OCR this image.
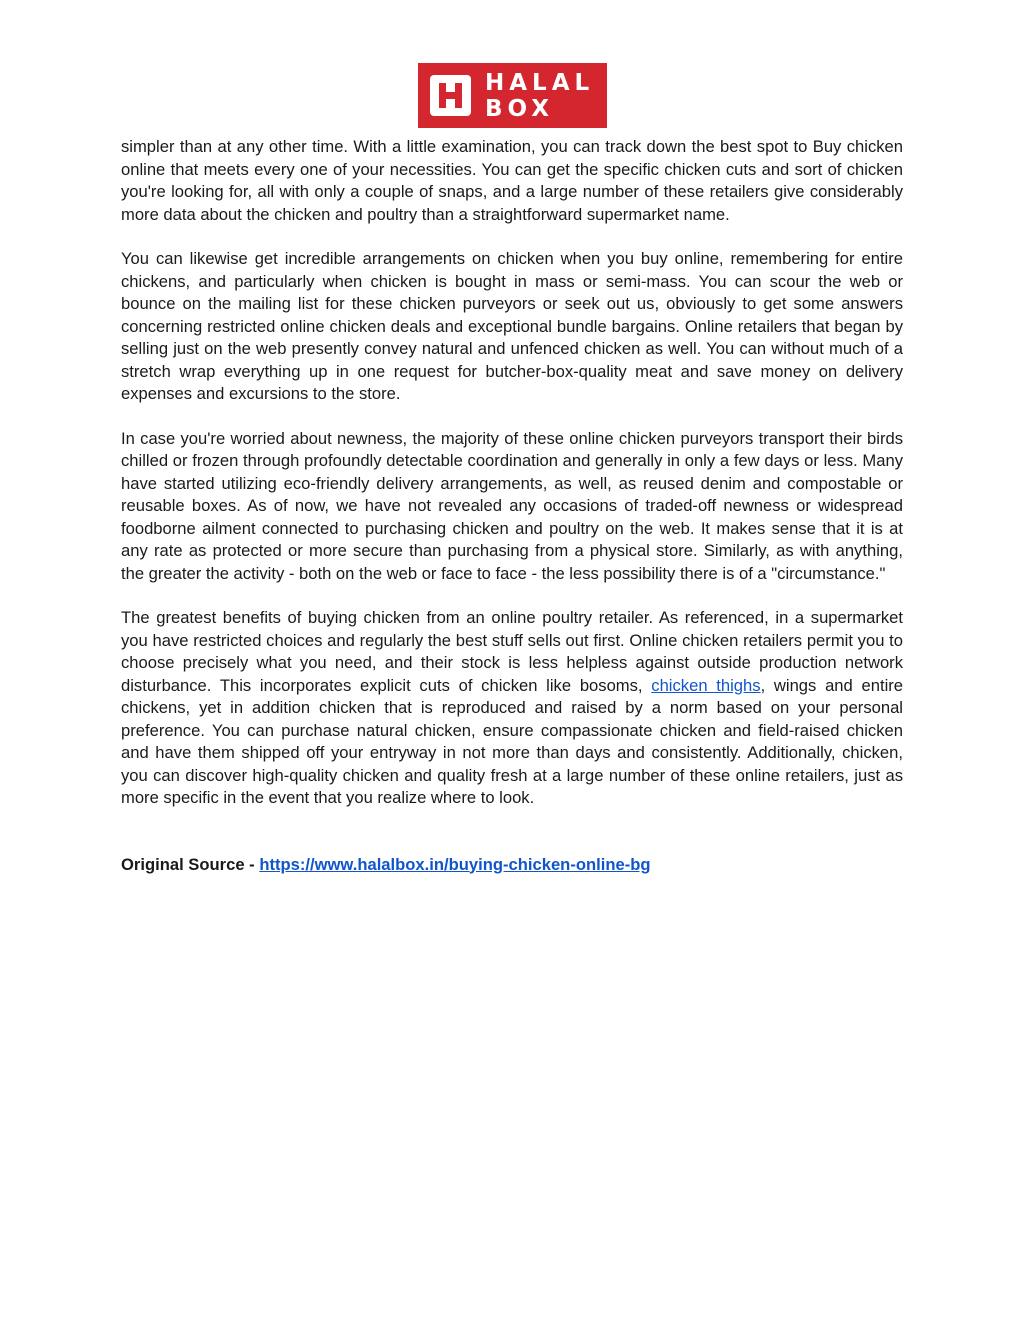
HALAL
BOX

simpler than at any other time. With a little examination, you can track down the best spot to Buy chicken online that meets every one of your necessities. You can get the specific chicken cuts and sort of chicken you're looking for, all with only a couple of snaps, and a large number of these retailers give considerably more data about the chicken and poultry than a straightforward supermarket name.

You can likewise get incredible arrangements on chicken when you buy online, remembering for entire chickens, and particularly when chicken is bought in mass or semi-mass. You can scour the web or bounce on the mailing list for these chicken purveyors or seek out us, obviously to get some answers concerning restricted online chicken deals and exceptional bundle bargains. Online retailers that began by selling just on the web presently convey natural and unfenced chicken as well. You can without much of a stretch wrap everything up in one request for butcher-box-quality meat and save money on delivery expenses and excursions to the store.

In case you're worried about newness, the majority of these online chicken purveyors transport their birds chilled or frozen through profoundly detectable coordination and generally in only a few days or less. Many have started utilizing eco-friendly delivery arrangements, as well, as reused denim and compostable or reusable boxes. As of now, we have not revealed any occasions of traded-off newness or widespread foodborne ailment connected to purchasing chicken and poultry on the web. It makes sense that it is at any rate as protected or more secure than purchasing from a physical store. Similarly, as with anything, the greater the activity - both on the web or face to face - the less possibility there is of a "circumstance."

The greatest benefits of buying chicken from an online poultry retailer. As referenced, in a supermarket you have restricted choices and regularly the best stuff sells out first. Online chicken retailers permit you to choose precisely what you need, and their stock is less helpless against outside production network disturbance. This incorporates explicit cuts of chicken like bosoms, chicken thighs, wings and entire chickens, yet in addition chicken that is reproduced and raised by a norm based on your personal preference. You can purchase natural chicken, ensure compassionate chicken and field-raised chicken and have them shipped off your entryway in not more than days and consistently. Additionally, chicken, you can discover high-quality chicken and quality fresh at a large number of these online retailers, just as more specific in the event that you realize where to look.

Original Source - https://www.halalbox.in/buying-chicken-online-bg
